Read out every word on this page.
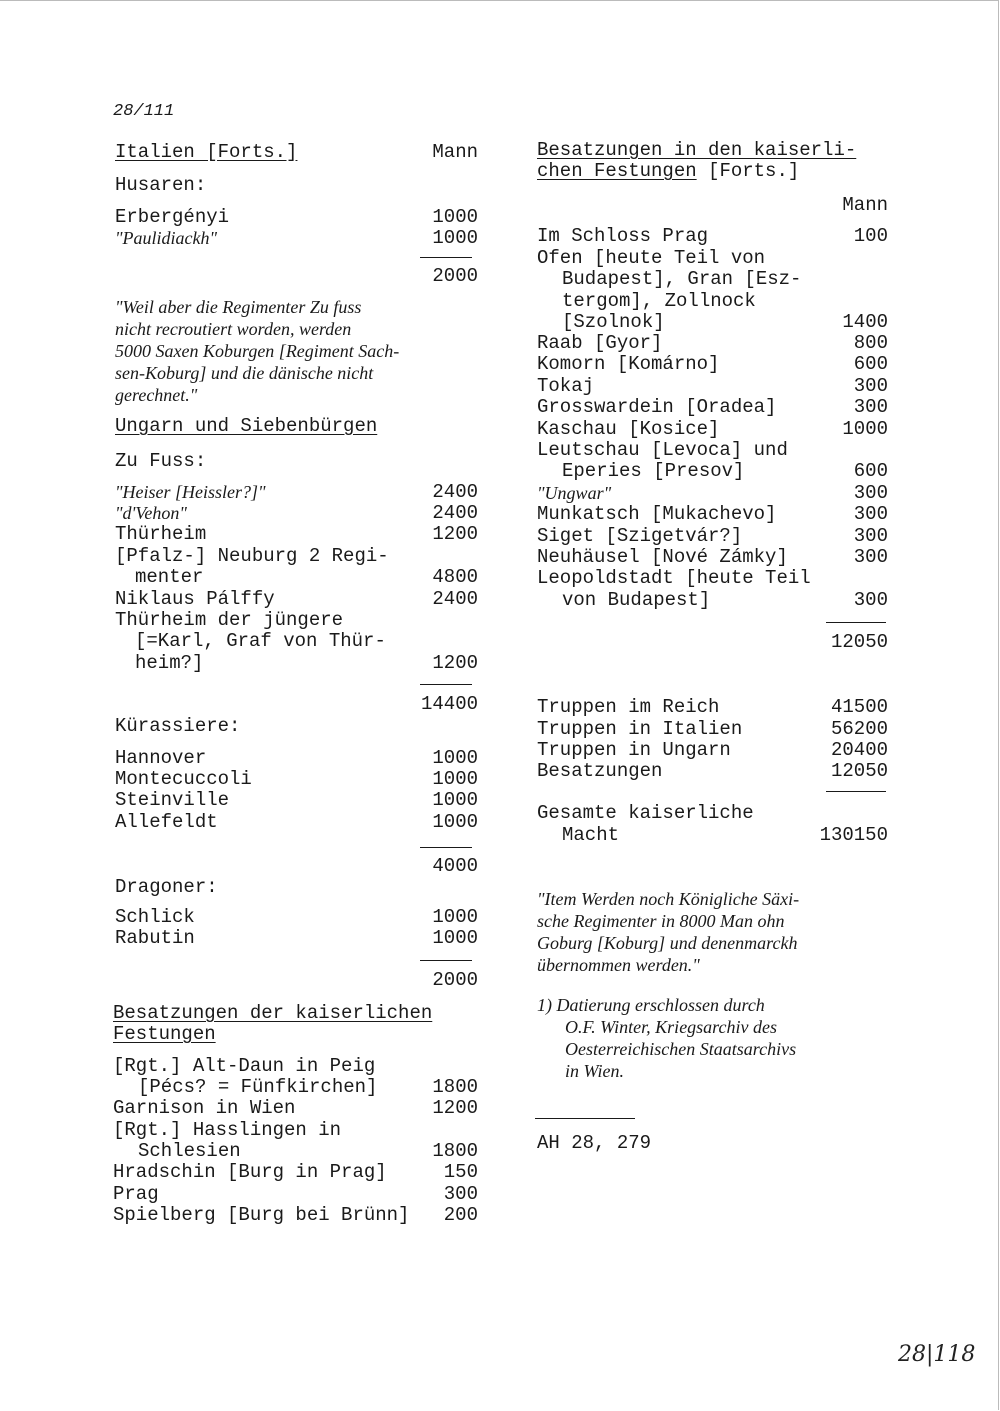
28/111
Italien [Forts.]	Mann
Husaren:
Erbergényi	1000
"Paulidiackh"	1000
2000
"Weil aber die Regimenter Zu fuss
nicht recroutiert worden, werden
5000 Saxen Koburgen [Regiment Sach-
sen-Koburg] und die dänische nicht
gerechnet."
Ungarn und Siebenbürgen
Zu Fuss:
"Heiser [Heissler?]"	2400
"d'Vehon"	2400
Thürheim	1200
[Pfalz-] Neuburg 2 Regi-
menter	4800
Niklaus Pálffy	2400
Thürheim der jüngere
[=Karl, Graf von Thür-
heim?]	1200
14400
Kürassiere:
Hannover	1000
Montecuccoli	1000
Steinville	1000
Allefeldt	1000
4000
Dragoner:
Schlick	1000
Rabutin	1000
2000
Besatzungen der kaiserlichen
Festungen
[Rgt.] Alt-Daun in Peig
[Pécs? = Fünfkirchen]	1800
Garnison in Wien	1200
[Rgt.] Hasslingen in
Schlesien	1800
Hradschin [Burg in Prag]	150
Prag	300
Spielberg [Burg bei Brünn]	200
Besatzungen in den kaiserli-
chen Festungen [Forts.]
Mann
Im Schloss Prag	100
Ofen [heute Teil von
Budapest], Gran [Esz-
tergom], Zollnock
[Szolnok]	1400
Raab [Gyor]	800
Komorn [Komárno]	600
Tokaj	300
Grosswardein [Oradea]	300
Kaschau [Kosice]	1000
Leutschau [Levoca] und
Eperies [Presov]	600
"Ungwar"	300
Munkatsch [Mukachevo]	300
Siget [Szigetvár?]	300
Neuhäusel [Nové Zámky]	300
Leopoldstadt [heute Teil
von Budapest]	300
12050
Truppen im Reich	41500
Truppen in Italien	56200
Truppen in Ungarn	20400
Besatzungen	12050
Gesamte kaiserliche
Macht	130150
"Item Werden noch Königliche Säxi-
sche Regimenter in 8000 Man ohn
Goburg [Koburg] und denenmarckh
übernommen werden."
1) Datierung erschlossen durch
O.F. Winter, Kriegsarchiv des
Oesterreichischen Staatsarchivs
in Wien.
AH 28, 279
28|118
